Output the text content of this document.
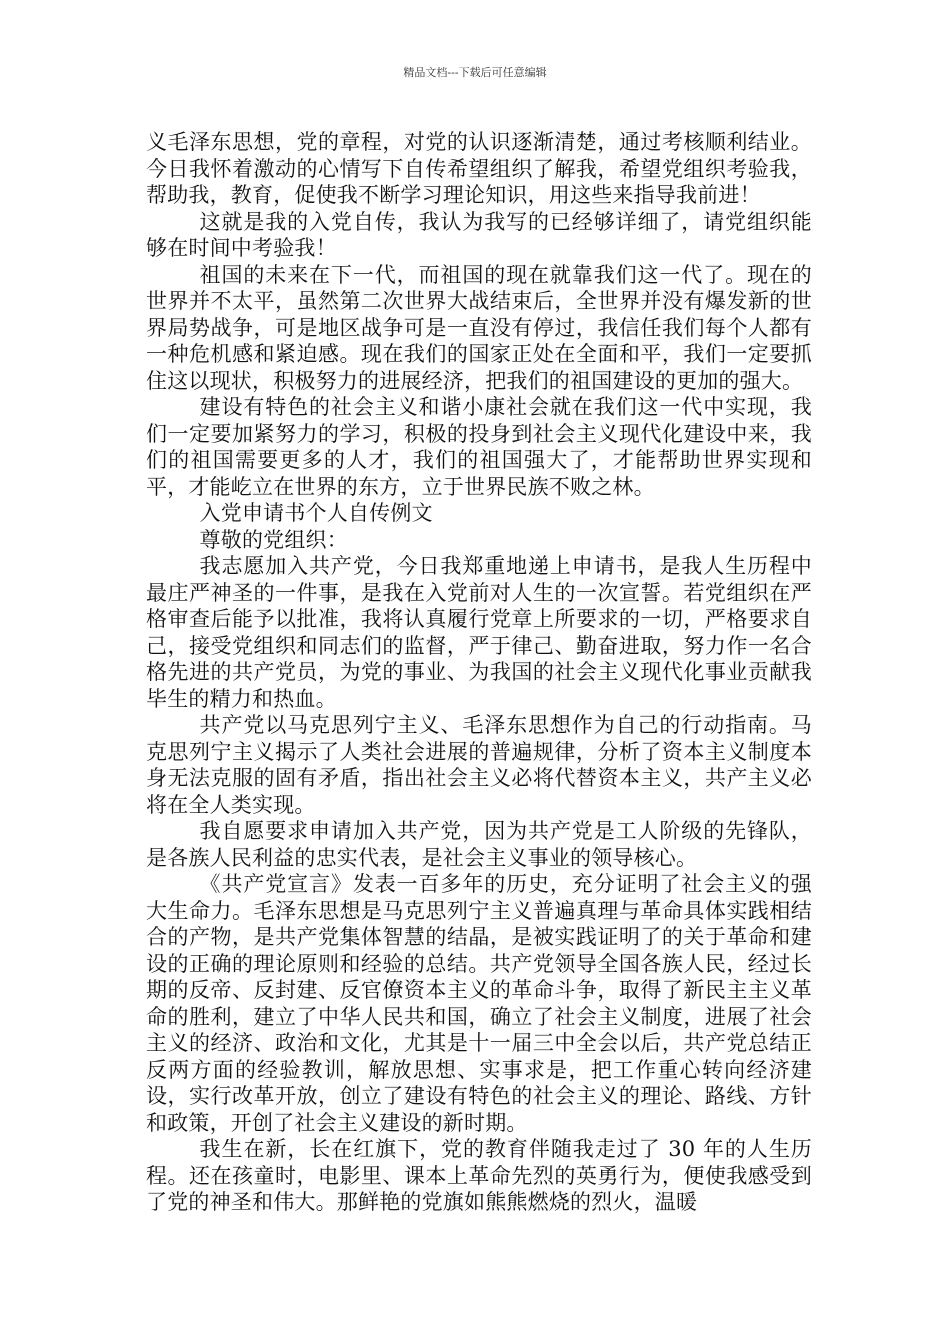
精品文档---下载后可任意编辑

义毛泽东思想，党的章程，对党的认识逐渐清楚，通过考核顺利结业。今日我怀着激动的心情写下自传希望组织了解我，希望党组织考验我，帮助我，教育，促使我不断学习理论知识，用这些来指导我前进！

这就是我的入党自传，我认为我写的已经够详细了，请党组织能够在时间中考验我！

祖国的未来在下一代，而祖国的现在就靠我们这一代了。现在的世界并不太平，虽然第二次世界大战结束后，全世界并没有爆发新的世界局势战争，可是地区战争可是一直没有停过，我信任我们每个人都有一种危机感和紧迫感。现在我们的国家正处在全面和平，我们一定要抓住这以现状，积极努力的进展经济，把我们的祖国建设的更加的强大。

建设有特色的社会主义和谐小康社会就在我们这一代中实现，我们一定要加紧努力的学习，积极的投身到社会主义现代化建设中来，我们的祖国需要更多的人才，我们的祖国强大了，才能帮助世界实现和平，才能屹立在世界的东方，立于世界民族不败之林。

入党申请书个人自传例文

尊敬的党组织：

我志愿加入共产党，今日我郑重地递上申请书，是我人生历程中最庄严神圣的一件事，是我在入党前对人生的一次宣誓。若党组织在严格审查后能予以批准，我将认真履行党章上所要求的一切，严格要求自己，接受党组织和同志们的监督，严于律己、勤奋进取，努力作一名合格先进的共产党员，为党的事业、为我国的社会主义现代化事业贡献我毕生的精力和热血。

共产党以马克思列宁主义、毛泽东思想作为自己的行动指南。马克思列宁主义揭示了人类社会进展的普遍规律，分析了资本主义制度本身无法克服的固有矛盾，指出社会主义必将代替资本主义，共产主义必将在全人类实现。

我自愿要求申请加入共产党，因为共产党是工人阶级的先锋队，是各族人民利益的忠实代表，是社会主义事业的领导核心。

《共产党宣言》发表一百多年的历史，充分证明了社会主义的强大生命力。毛泽东思想是马克思列宁主义普遍真理与革命具体实践相结合的产物，是共产党集体智慧的结晶，是被实践证明了的关于革命和建设的正确的理论原则和经验的总结。共产党领导全国各族人民，经过长期的反帝、反封建、反官僚资本主义的革命斗争，取得了新民主主义革命的胜利，建立了中华人民共和国，确立了社会主义制度，进展了社会主义的经济、政治和文化，尤其是十一届三中全会以后，共产党总结正反两方面的经验教训，解放思想、实事求是，把工作重心转向经济建设，实行改革开放，创立了建设有特色的社会主义的理论、路线、方针和政策，开创了社会主义建设的新时期。

我生在新，长在红旗下，党的教育伴随我走过了 30 年的人生历程。还在孩童时，电影里、课本上革命先烈的英勇行为，便使我感受到了党的神圣和伟大。那鲜艳的党旗如熊熊燃烧的烈火，温暖
